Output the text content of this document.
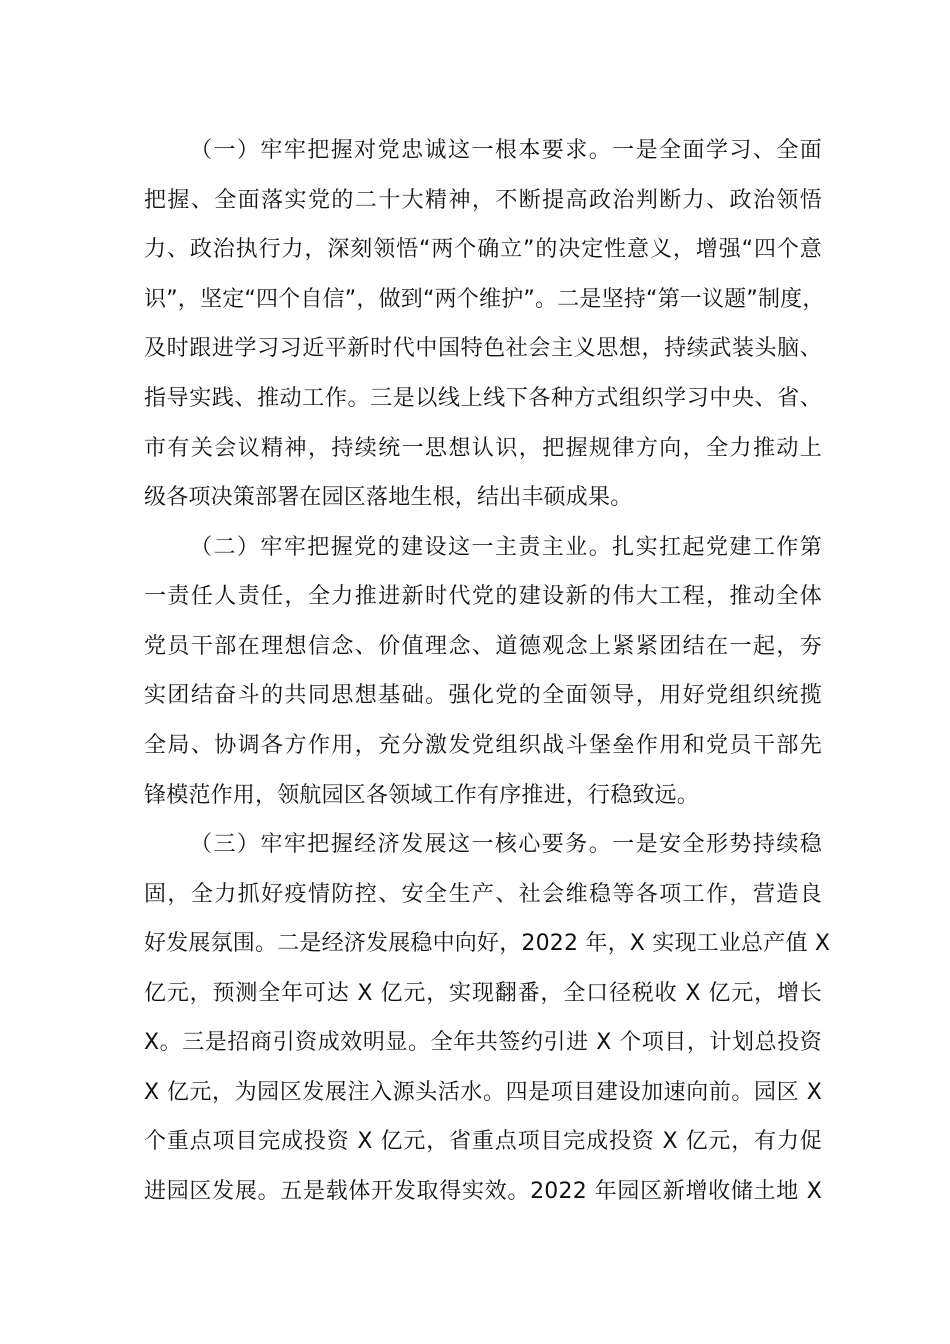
（一）牢牢把握对党忠诚这一根本要求。一是全面学习、全面
把握、全面落实党的二十大精神，不断提高政治判断力、政治领悟
力、政治执行力，深刻领悟“两个确立”的决定性意义，增强“四个意
识”，坚定“四个自信”，做到“两个维护”。二是坚持“第一议题”制度，
及时跟进学习习近平新时代中国特色社会主义思想，持续武装头脑、
指导实践、推动工作。三是以线上线下各种方式组织学习中央、省、
市有关会议精神，持续统一思想认识，把握规律方向，全力推动上
级各项决策部署在园区落地生根，结出丰硕成果。
（二）牢牢把握党的建设这一主责主业。扎实扛起党建工作第
一责任人责任，全力推进新时代党的建设新的伟大工程，推动全体
党员干部在理想信念、价值理念、道德观念上紧紧团结在一起，夯
实团结奋斗的共同思想基础。强化党的全面领导，用好党组织统揽
全局、协调各方作用，充分激发党组织战斗堡垒作用和党员干部先
锋模范作用，领航园区各领域工作有序推进，行稳致远。
（三）牢牢把握经济发展这一核心要务。一是安全形势持续稳
固，全力抓好疫情防控、安全生产、社会维稳等各项工作，营造良
好发展氛围。二是经济发展稳中向好，2022 年，X 实现工业总产值 X
亿元，预测全年可达 X 亿元，实现翻番，全口径税收 X 亿元，增长
X。三是招商引资成效明显。全年共签约引进 X 个项目，计划总投资
X 亿元，为园区发展注入源头活水。四是项目建设加速向前。园区 X
个重点项目完成投资 X 亿元，省重点项目完成投资 X 亿元，有力促
进园区发展。五是载体开发取得实效。2022 年园区新增收储土地 X
